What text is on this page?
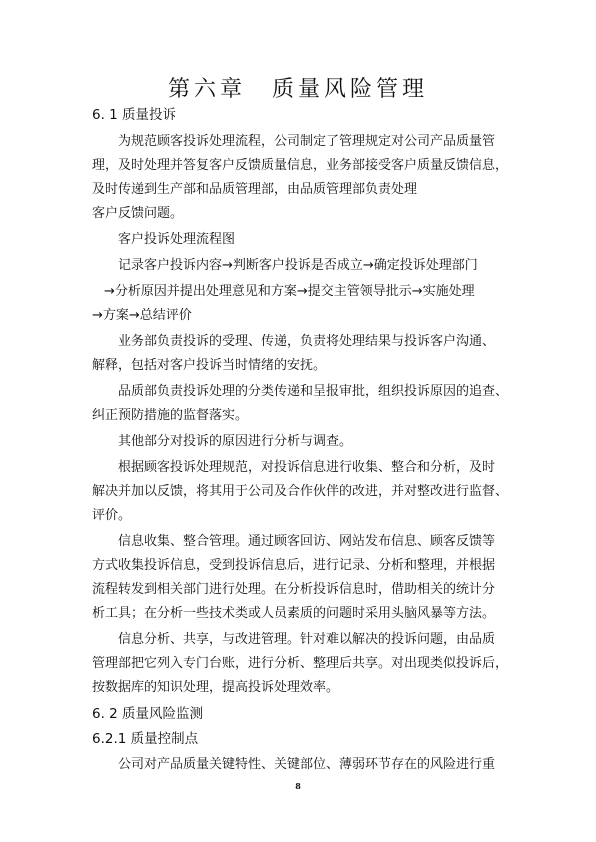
第六章　质量风险管理
6. 1 质量投诉
为规范顾客投诉处理流程，公司制定了管理规定对公司产品质量管
理，及时处理并答复客户反馈质量信息，业务部接受客户质量反馈信息，
及时传递到生产部和品质管理部，由品质管理部负责处理
客户反馈问题。
客户投诉处理流程图
记录客户投诉内容→判断客户投诉是否成立→确定投诉处理部门
→分析原因并提出处理意见和方案→提交主管领导批示→实施处理
→方案→总结评价
业务部负责投诉的受理、传递，负责将处理结果与投诉客户沟通、
解释，包括对客户投诉当时情绪的安抚。
品质部负责投诉处理的分类传递和呈报审批，组织投诉原因的追查、
纠正预防措施的监督落实。
其他部分对投诉的原因进行分析与调查。
根据顾客投诉处理规范，对投诉信息进行收集、整合和分析，及时
解决并加以反馈，将其用于公司及合作伙伴的改进，并对整改进行监督、
评价。
信息收集、整合管理。通过顾客回访、网站发布信息、顾客反馈等
方式收集投诉信息，受到投诉信息后，进行记录、分析和整理，并根据
流程转发到相关部门进行处理。在分析投诉信息时，借助相关的统计分
析工具；在分析一些技术类或人员素质的问题时采用头脑风暴等方法。
信息分析、共享，与改进管理。针对难以解决的投诉问题，由品质
管理部把它列入专门台账，进行分析、整理后共享。对出现类似投诉后，
按数据库的知识处理，提高投诉处理效率。
6. 2 质量风险监测
6.2.1 质量控制点
公司对产品质量关键特性、关键部位、薄弱环节存在的风险进行重
8
